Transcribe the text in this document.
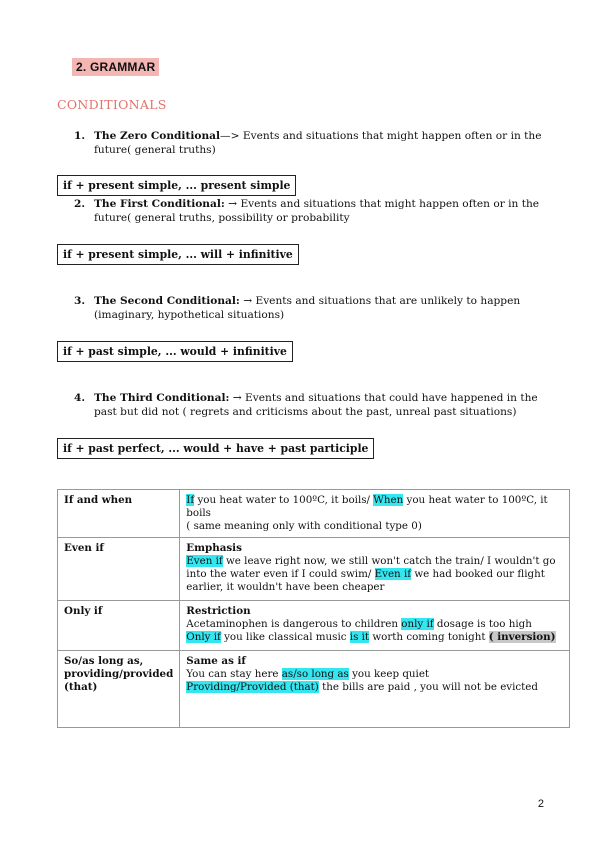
2. GRAMMAR
CONDITIONALS
1. The Zero Conditional—> Events and situations that might happen often or in the future( general truths)
if + present simple, ... present simple
2. The First Conditional: → Events and situations that might happen often or in the future( general truths, possibility or probability
if + present simple, ... will + infinitive
3. The Second Conditional: → Events and situations that are unlikely to happen (imaginary, hypothetical situations)
if + past simple, ... would + infinitive
4. The Third Conditional: → Events and situations that could have happened in the past but did not ( regrets and criticisms about the past, unreal past situations)
if + past perfect, ... would + have + past participle
If and when	If you heat water to 100ºC, it boils/ When you heat water to 100ºC, it boils
( same meaning only with conditional type 0)
Even if	Emphasis
Even if we leave right now, we still won't catch the train/ I wouldn't go into the water even if I could swim/ Even if we had booked our flight earlier, it wouldn't have been cheaper
Only if	Restriction
Acetaminophen is dangerous to children only if dosage is too high
Only if you like classical music is it worth coming tonight ( inversion)
So/as long as, providing/provided (that)	Same as if
You can stay here as/so long as you keep quiet
Providing/Provided (that) the bills are paid , you will not be evicted
2
